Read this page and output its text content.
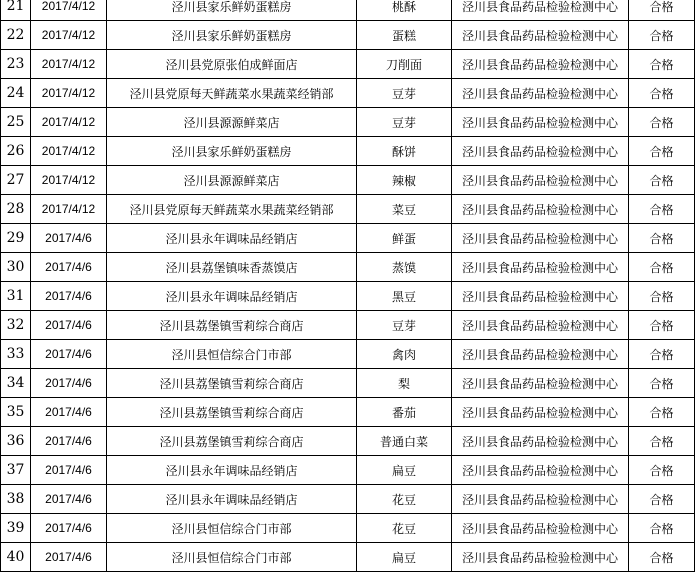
21	2017/4/12	泾川县家乐鲜奶蛋糕房	桃酥	泾川县食品药品检验检测中心	合格
22	2017/4/12	泾川县家乐鲜奶蛋糕房	蛋糕	泾川县食品药品检验检测中心	合格
23	2017/4/12	泾川县党原张伯成鲜面店	刀削面	泾川县食品药品检验检测中心	合格
24	2017/4/12	泾川县党原每天鲜蔬菜水果蔬菜经销部	豆芽	泾川县食品药品检验检测中心	合格
25	2017/4/12	泾川县源源鲜菜店	豆芽	泾川县食品药品检验检测中心	合格
26	2017/4/12	泾川县家乐鲜奶蛋糕房	酥饼	泾川县食品药品检验检测中心	合格
27	2017/4/12	泾川县源源鲜菜店	辣椒	泾川县食品药品检验检测中心	合格
28	2017/4/12	泾川县党原每天鲜蔬菜水果蔬菜经销部	菜豆	泾川县食品药品检验检测中心	合格
29	2017/4/6	泾川县永年调味品经销店	鲜蛋	泾川县食品药品检验检测中心	合格
30	2017/4/6	泾川县荔堡镇味香蒸馍店	蒸馍	泾川县食品药品检验检测中心	合格
31	2017/4/6	泾川县永年调味品经销店	黑豆	泾川县食品药品检验检测中心	合格
32	2017/4/6	泾川县荔堡镇雪莉综合商店	豆芽	泾川县食品药品检验检测中心	合格
33	2017/4/6	泾川县恒信综合门市部	禽肉	泾川县食品药品检验检测中心	合格
34	2017/4/6	泾川县荔堡镇雪莉综合商店	梨	泾川县食品药品检验检测中心	合格
35	2017/4/6	泾川县荔堡镇雪莉综合商店	番茄	泾川县食品药品检验检测中心	合格
36	2017/4/6	泾川县荔堡镇雪莉综合商店	普通白菜	泾川县食品药品检验检测中心	合格
37	2017/4/6	泾川县永年调味品经销店	扁豆	泾川县食品药品检验检测中心	合格
38	2017/4/6	泾川县永年调味品经销店	花豆	泾川县食品药品检验检测中心	合格
39	2017/4/6	泾川县恒信综合门市部	花豆	泾川县食品药品检验检测中心	合格
40	2017/4/6	泾川县恒信综合门市部	扁豆	泾川县食品药品检验检测中心	合格
